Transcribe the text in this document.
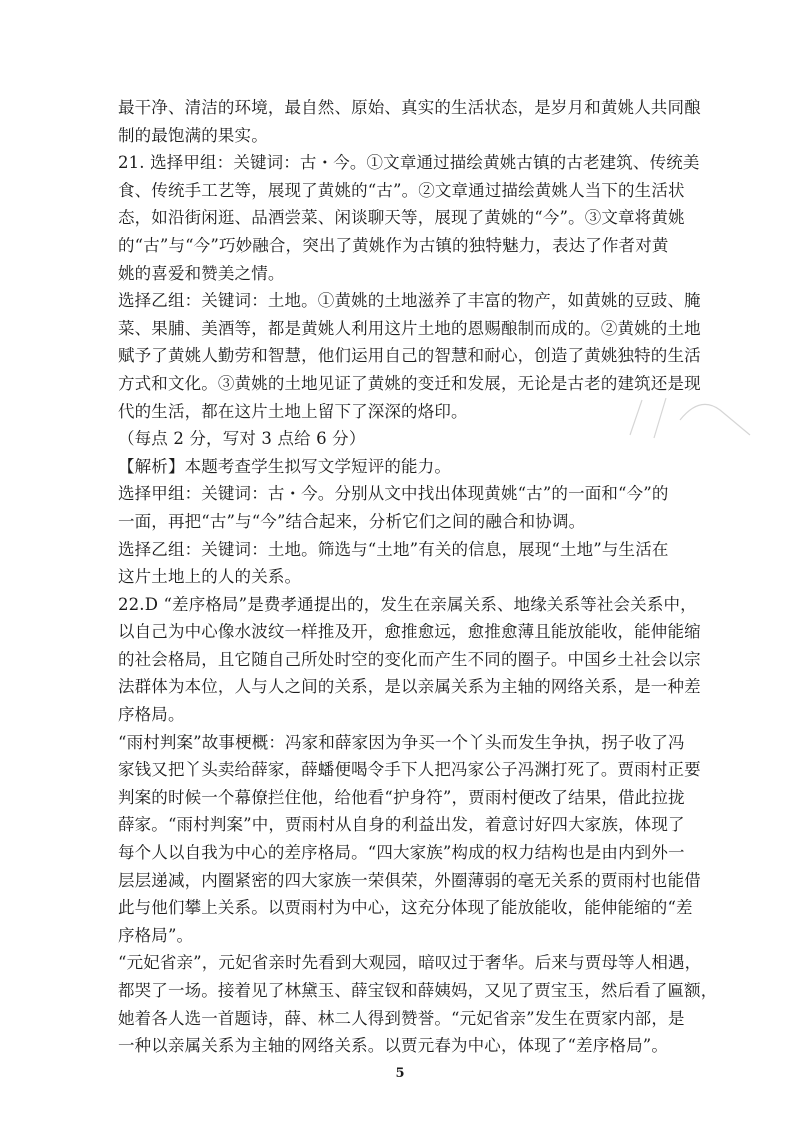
最干净、清洁的环境，最自然、原始、真实的生活状态，是岁月和黄姚人共同酿
制的最饱满的果实。
21. 选择甲组：关键词：古・今。①文章通过描绘黄姚古镇的古老建筑、传统美
食、传统手工艺等，展现了黄姚的“古”。②文章通过描绘黄姚人当下的生活状
态，如沿街闲逛、品酒尝菜、闲谈聊天等，展现了黄姚的“今”。③文章将黄姚
的“古”与“今”巧妙融合，突出了黄姚作为古镇的独特魅力，表达了作者对黄
姚的喜爱和赞美之情。
选择乙组：关键词：土地。①黄姚的土地滋养了丰富的物产，如黄姚的豆豉、腌
菜、果脯、美酒等，都是黄姚人利用这片土地的恩赐酿制而成的。②黄姚的土地
赋予了黄姚人勤劳和智慧，他们运用自己的智慧和耐心，创造了黄姚独特的生活
方式和文化。③黄姚的土地见证了黄姚的变迁和发展，无论是古老的建筑还是现
代的生活，都在这片土地上留下了深深的烙印。
（每点 2 分，写对 3 点给 6 分）
【解析】本题考查学生拟写文学短评的能力。
选择甲组：关键词：古・今。分别从文中找出体现黄姚“古”的一面和“今”的
一面，再把“古”与“今”结合起来，分析它们之间的融合和协调。
选择乙组：关键词：土地。筛选与“土地”有关的信息，展现“土地”与生活在
这片土地上的人的关系。
22.D “差序格局”是费孝通提出的，发生在亲属关系、地缘关系等社会关系中，
以自己为中心像水波纹一样推及开，愈推愈远，愈推愈薄且能放能收，能伸能缩
的社会格局，且它随自己所处时空的变化而产生不同的圈子。中国乡土社会以宗
法群体为本位，人与人之间的关系，是以亲属关系为主轴的网络关系，是一种差
序格局。
“雨村判案”故事梗概：冯家和薛家因为争买一个丫头而发生争执，拐子收了冯
家钱又把丫头卖给薛家，薛蟠便喝令手下人把冯家公子冯渊打死了。贾雨村正要
判案的时候一个幕僚拦住他，给他看“护身符”，贾雨村便改了结果，借此拉拢
薛家。“雨村判案”中，贾雨村从自身的利益出发，着意讨好四大家族，体现了
每个人以自我为中心的差序格局。“四大家族”构成的权力结构也是由内到外一
层层递减，内圈紧密的四大家族一荣俱荣，外圈薄弱的毫无关系的贾雨村也能借
此与他们攀上关系。以贾雨村为中心，这充分体现了能放能收，能伸能缩的“差
序格局”。
“元妃省亲”，元妃省亲时先看到大观园，暗叹过于奢华。后来与贾母等人相遇，
都哭了一场。接着见了林黛玉、薛宝钗和薛姨妈，又见了贾宝玉，然后看了匾额，
她着各人选一首题诗，薛、林二人得到赞誉。“元妃省亲”发生在贾家内部，是
一种以亲属关系为主轴的网络关系。以贾元春为中心，体现了“差序格局”。
5
